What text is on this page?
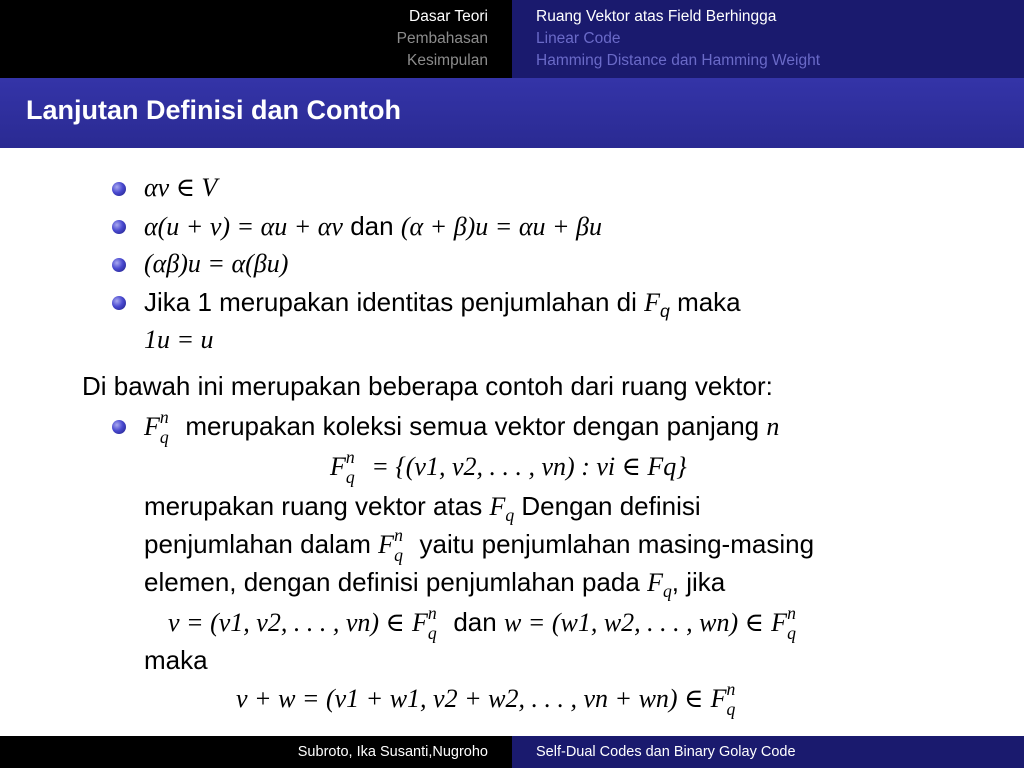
Dasar Teori
Pembahasan
Kesimpulan
Ruang Vektor atas Field Berhingga
Linear Code
Hamming Distance dan Hamming Weight
Lanjutan Definisi dan Contoh
αv ∈ V
α(u + v) = αu + αv dan (α + β)u = αu + βu
(αβ)u = α(βu)
Jika 1 merupakan identitas penjumlahan di $F_q$ maka
1u = u
Di bawah ini merupakan beberapa contoh dari ruang vektor:
F n
q merupakan koleksi semua vektor dengan panjang n
F n
q = {(v1, v2, . . . , vn) : vi ∈ Fq}
merupakan ruang vektor atas $F_q$ Dengan definisi
penjumlahan dalam F n
q yaitu penjumlahan masing-masing
elemen, dengan definisi penjumlahan pada $F_q$, jika
v = (v1, v2, . . . , vn) ∈ F n
q dan w = (w1, w2, . . . , wn) ∈ F n
q
maka
v + w = (v1 + w1, v2 + w2, . . . , vn + wn) ∈ F n
q
Subroto, Ika Susanti,Nugroho	Self-Dual Codes dan Binary Golay Code
